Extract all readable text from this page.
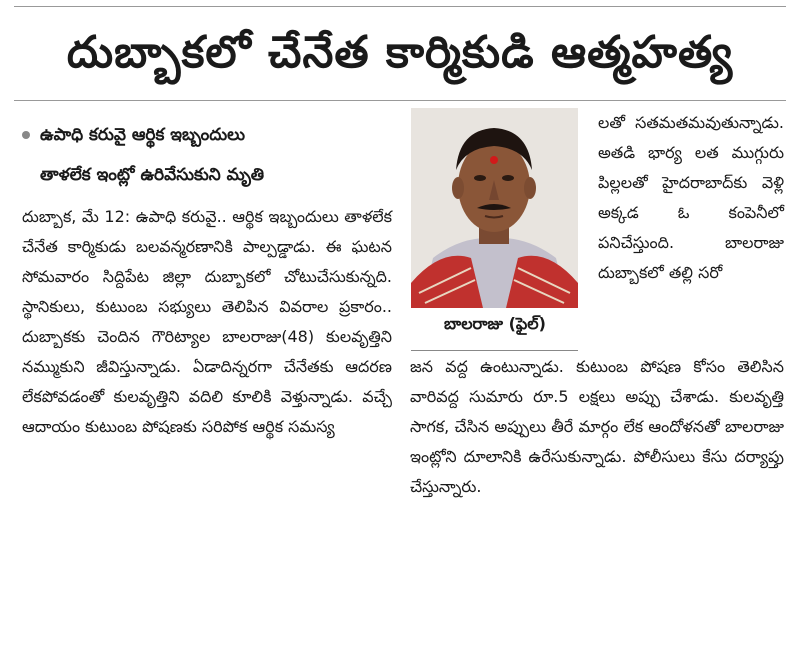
దుబ్బాకలో చేనేత కార్మికుడి ఆత్మహత్య
ఉపాధి కరువై ఆర్థిక ఇబ్బందులు
తాళలేక ఇంట్లో ఉరివేసుకుని మృతి

దుబ్బాక, మే 12: ఉపాధి కరువై.. ఆర్థిక ఇబ్బందులు తాళలేక చేనేత కార్మికుడు బలవన్మరణానికి పాల్పడ్డాడు. ఈ ఘటన సోమవారం సిద్దిపేట జిల్లా దుబ్బాకలో చోటుచేసుకున్నది. స్థానికులు, కుటుంబ సభ్యులు తెలిపిన వివరాల ప్రకారం.. దుబ్బాకకు చెందిన గౌరిట్యాల బాలరాజు(48) కులవృత్తిని నమ్ముకుని జీవిస్తున్నాడు. ఏడాదిన్నరగా చేనేతకు ఆదరణ లేకపోవడంతో కులవృత్తిని వదిలి కూలికి వెళ్తున్నాడు. వచ్చే ఆదాయం కుటుంబ పోషణకు సరిపోక ఆర్థిక సమస్య

బాలరాజు (ఫైల్)

లతో సతమతమవుతున్నాడు. అతడి భార్య లత ముగ్గురు పిల్లలతో హైదరాబాద్‌కు వెళ్లి అక్కడ ఓ కంపెనీలో పనిచేస్తుంది. బాలరాజు దుబ్బాకలో తల్లి సరో

జన వద్ద ఉంటున్నాడు. కుటుంబ పోషణ కోసం తెలిసిన వారివద్ద సుమారు రూ.5 లక్షలు అప్పు చేశాడు. కులవృత్తి సాగక, చేసిన అప్పులు తీరే మార్గం లేక ఆందోళనతో బాలరాజు ఇంట్లోని దూలానికి ఉరేసుకున్నాడు. పోలీసులు కేసు దర్యాప్తు చేస్తున్నారు.
